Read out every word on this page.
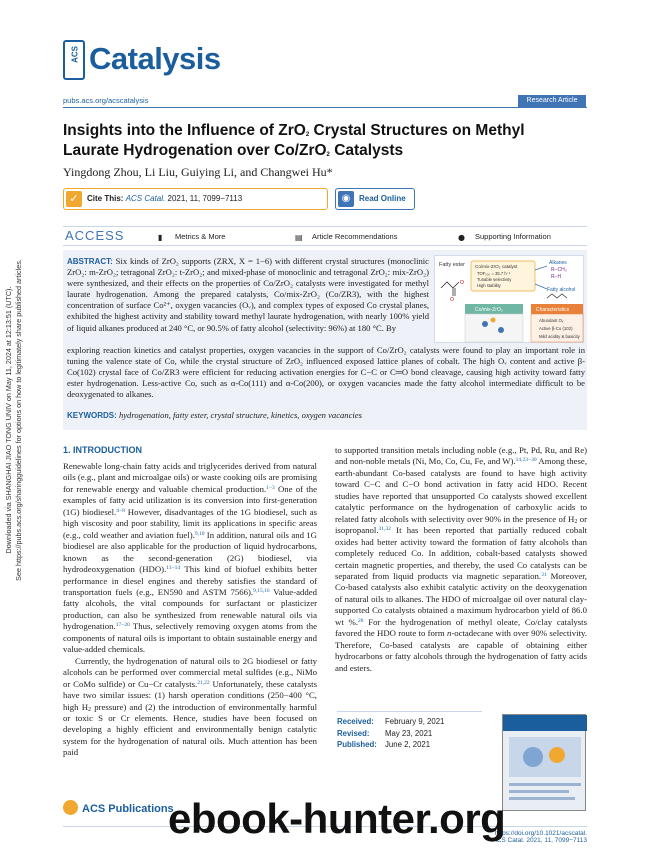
Downloaded via SHANGHAI JIAO TONG UNIV on May 11, 2024 at 12:13:51 (UTC). See https://pubs.acs.org/sharingguidelines for options on how to legitimately share published articles.
ACS Catalysis
pubs.acs.org/acscatalysis	Research Article
Insights into the Influence of ZrO$_2$ Crystal Structures on Methyl
Laurate Hydrogenation over Co/ZrO$_2$ Catalysts
Yingdong Zhou, Li Liu, Guiying Li, and Changwei Hu*
✓	Cite This: ACS Catal. 2021, 11, 7099−7113	◉	Read Online
ACCESS	▮ Metrics & More	▤ Article Recommendations	● Supporting Information
ABSTRACT: Six kinds of ZrO₂ supports (ZRX, X = 1−6) with different crystal structures (monoclinic ZrO₂: m-ZrO₂; tetragonal ZrO₂: t-ZrO₂; and mixed-phase of monoclinic and tetragonal ZrO₂: mix-ZrO₂) were synthesized, and their effects on the properties of Co/ZrO₂ catalysts were investigated for methyl laurate hydrogenation. Among the prepared catalysts, Co/mix-ZrO₂ (Co/ZR3), with the highest concentration of surface Co²⁺, oxygen vacancies (Oᵥ), and complex types of exposed Co crystal planes, exhibited the highest activity and stability toward methyl laurate hydrogenation, with nearly 100% yield of liquid alkanes produced at 240 °C, or 90.5% of fatty alcohol (selectivity: 96%) at 180 °C. By
exploring reaction kinetics and catalyst properties, oxygen vacancies in the support of Co/ZrO₂ catalysts were found to play an important role in tuning the valence state of Co, while the crystal structure of ZrO₂ influenced exposed lattice planes of cobalt. The high Oᵥ content and active β-Co(102) crystal face of Co/ZR3 were efficient for reducing activation energies for C−C or C═O bond cleavage, causing high activity toward fatty ester hydrogenation. Less-active Co, such as α-Co(111) and α-Co(200), or oxygen vacancies made the fatty alcohol intermediate difficult to be deoxygenated to alkanes.
KEYWORDS: hydrogenation, fatty ester, crystal structure, kinetics, oxygen vacancies
Fatty ester
O
O
Co/mix-ZrO₂ catalyst
TOF₂₂₀ = 35.7 h⁻¹
Tunable selectivity
High stability
Alkanes
R−CH₃
R−H
Fatty alcohol
Co/mix-ZrO₂	Characteristics
Abundant Oᵥ
Active β-Co (102)
Mild acidity & basicity
1. INTRODUCTION

Renewable long-chain fatty acids and triglycerides derived from natural oils (e.g., plant and microalgae oils) or waste cooking oils are promising for renewable energy and valuable chemical production.$^{1-3}$ One of the examples of fatty acid utilization is its conversion into first-generation (1G) biodiesel.$^{4-8}$ However, disadvantages of the 1G biodiesel, such as high viscosity and poor stability, limit its applications in specific areas (e.g., cold weather and aviation fuel).$^{9,10}$ In addition, natural oils and 1G biodiesel are also applicable for the production of liquid hydrocarbons, known as the second-generation (2G) biodiesel, via hydrodeoxygenation (HDO).$^{11-14}$ This kind of biofuel exhibits better performance in diesel engines and thereby satisfies the standard of transportation fuels (e.g., EN590 and ASTM 7566).$^{9,15,16}$ Value-added fatty alcohols, the vital compounds for surfactant or plasticizer production, can also be synthesized from renewable natural oils via hydrogenation.$^{17-20}$ Thus, selectively removing oxygen atoms from the components of natural oils is important to obtain sustainable energy and value-added chemicals.

Currently, the hydrogenation of natural oils to 2G biodiesel or fatty alcohols can be performed over commercial metal sulfides (e.g., NiMo or CoMo sulfide) or Cu−Cr catalysts.$^{21,22}$ Unfortunately, these catalysts have two similar issues: (1) harsh operation conditions (250−400 °C, high $H_2$ pressure) and (2) the introduction of environmentally harmful or toxic S or Cr elements. Hence, studies have been focused on developing a highly efficient and environmentally benign catalytic system for the hydrogenation of natural oils. Much attention has been paid

to supported transition metals including noble (e.g., Pt, Pd, Ru, and Re) and non-noble metals (Ni, Mo, Co, Cu, Fe, and W).$^{14,23-30}$ Among these, earth-abundant Co-based catalysts are found to have high activity toward C−C and C−O bond activation in fatty acid HDO. Recent studies have reported that unsupported Co catalysts showed excellent catalytic performance on the hydrogenation of carboxylic acids to related fatty alcohols with selectivity over 90% in the presence of $H_2$ or isopropanol.$^{31,32}$ It has been reported that partially reduced cobalt oxides had better activity toward the formation of fatty alcohols than completely reduced Co. In addition, cobalt-based catalysts showed certain magnetic properties, and thereby, the used Co catalysts can be separated from liquid products via magnetic separation.$^{31}$ Moreover, Co-based catalysts also exhibit catalytic activity on the deoxygenation of natural oils to alkanes. The HDO of microalgae oil over natural clay-supported Co catalysts obtained a maximum hydrocarbon yield of 86.0 wt %.$^{28}$ For the hydrogenation of methyl oleate, Co/clay catalysts favored the HDO route to form n-octadecane with over 90% selectivity. Therefore, Co-based catalysts are capable of obtaining either hydrocarbons or fatty alcohols through the hydrogenation of fatty acids and esters.

Received: February 9, 2021
Revised: May 23, 2021
Published: June 2, 2021
ACS Publications
https://doi.org/10.1021/acscatal.
ACS Catal. 2021, 11, 7099−7113
ebook-hunter.org
